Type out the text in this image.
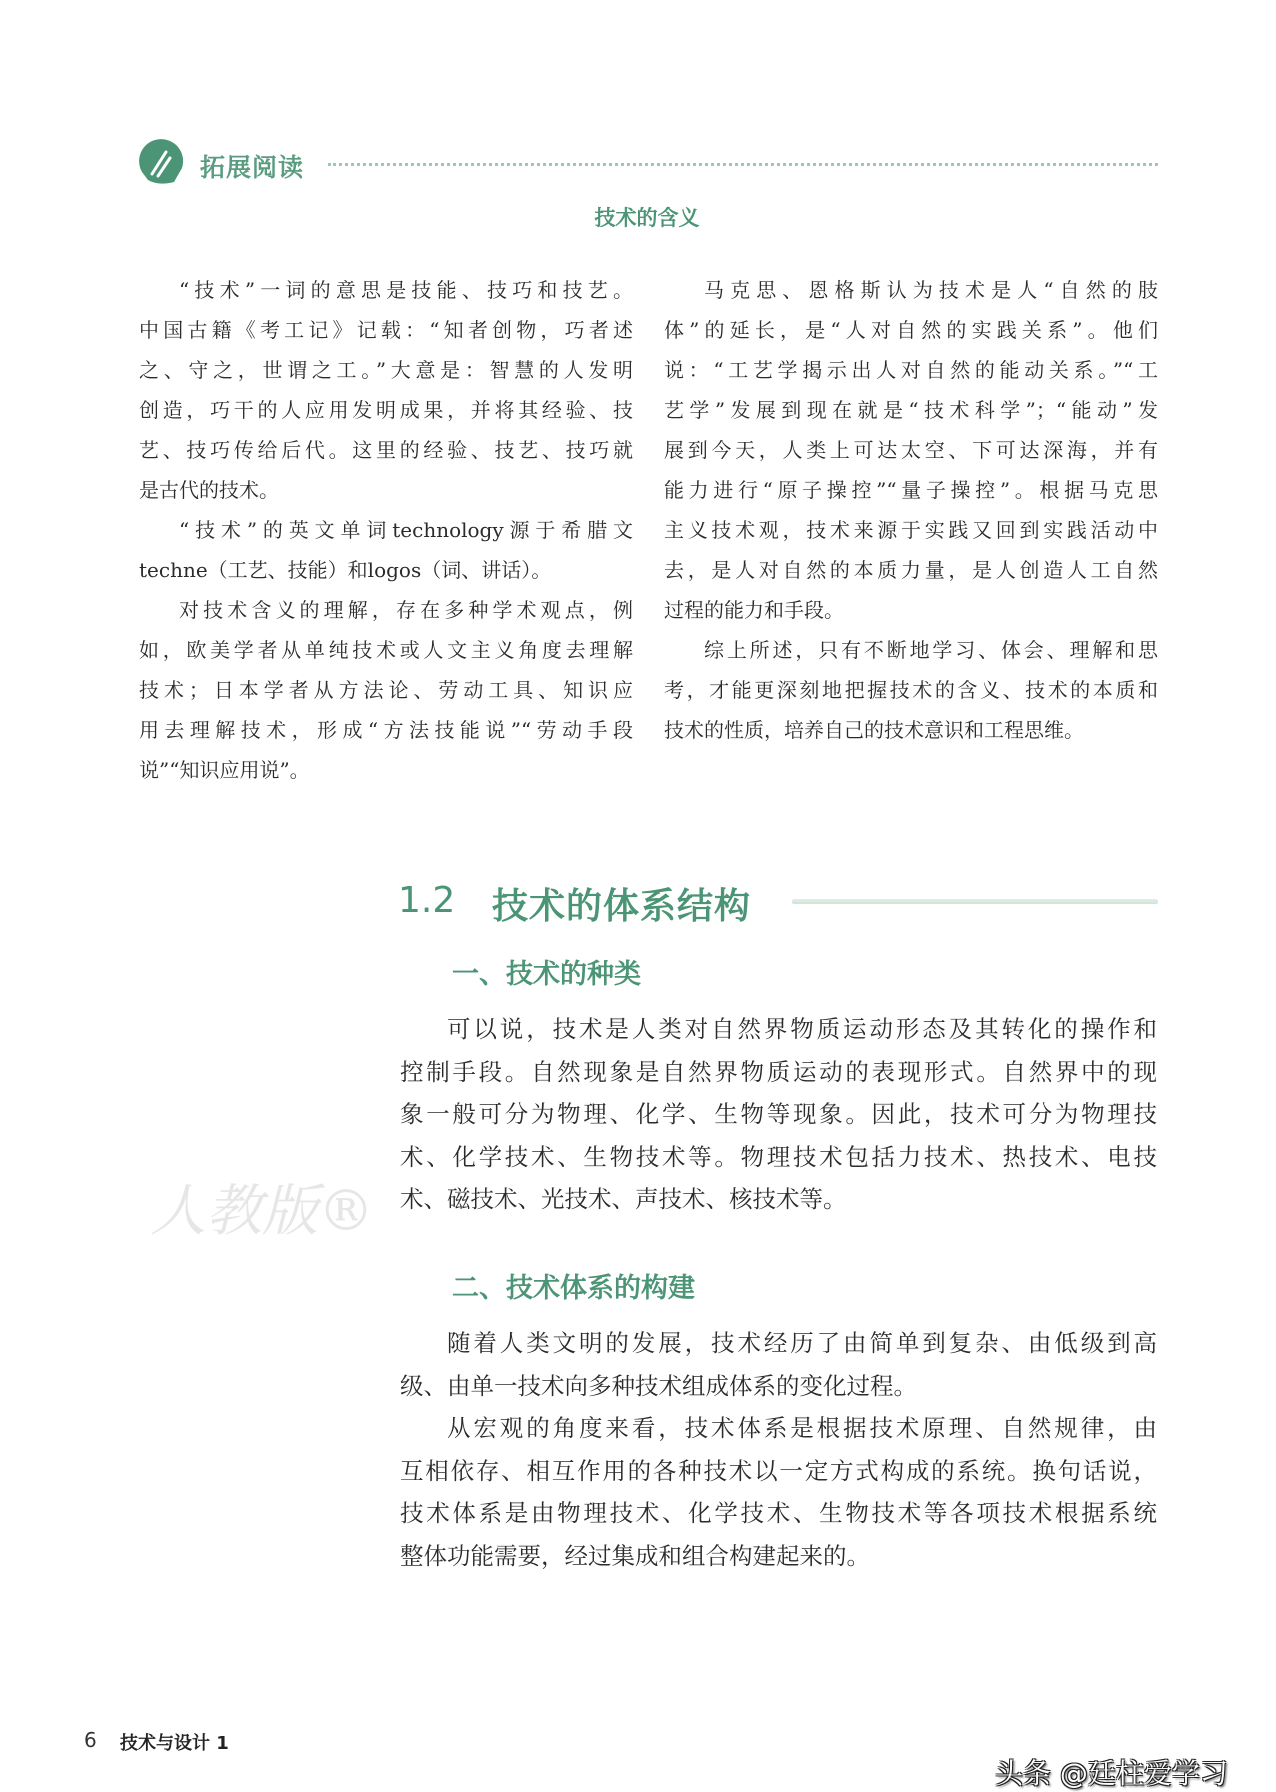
拓展阅读
技术的含义
“技术”一词的意思是技能、技巧和技艺。
中国古籍《考工记》记载：“知者创物，巧者述
之、守之，世谓之工。”大意是：智慧的人发明
创造，巧干的人应用发明成果，并将其经验、技
艺、技巧传给后代。这里的经验、技艺、技巧就
是古代的技术。
“技术”的英文单词technology源于希腊文
techne（工艺、技能）和logos（词、讲话）。
对技术含义的理解，存在多种学术观点，例
如，欧美学者从单纯技术或人文主义角度去理解
技术；日本学者从方法论、劳动工具、知识应
用去理解技术，形成“方法技能说”“劳动手段
说”“知识应用说”。
马克思、恩格斯认为技术是人“自然的肢
体”的延长，是“人对自然的实践关系”。他们
说：“工艺学揭示出人对自然的能动关系。”“工
艺学”发展到现在就是“技术科学”；“能动”发
展到今天，人类上可达太空、下可达深海，并有
能力进行“原子操控”“量子操控”。根据马克思
主义技术观，技术来源于实践又回到实践活动中
去，是人对自然的本质力量，是人创造人工自然
过程的能力和手段。
综上所述，只有不断地学习、体会、理解和思
考，才能更深刻地把握技术的含义、技术的本质和
技术的性质，培养自己的技术意识和工程思维。
人教版®
1.2 技术的体系结构
一、技术的种类
可以说，技术是人类对自然界物质运动形态及其转化的操作和
控制手段。自然现象是自然界物质运动的表现形式。自然界中的现
象一般可分为物理、化学、生物等现象。因此，技术可分为物理技
术、化学技术、生物技术等。物理技术包括力技术、热技术、电技
术、磁技术、光技术、声技术、核技术等。
二、技术体系的构建
随着人类文明的发展，技术经历了由简单到复杂、由低级到高
级、由单一技术向多种技术组成体系的变化过程。
从宏观的角度来看，技术体系是根据技术原理、自然规律，由
互相依存、相互作用的各种技术以一定方式构成的系统。换句话说，
技术体系是由物理技术、化学技术、生物技术等各项技术根据系统
整体功能需要，经过集成和组合构建起来的。
6 技术与设计 1
头条 @廷柱爱学习
